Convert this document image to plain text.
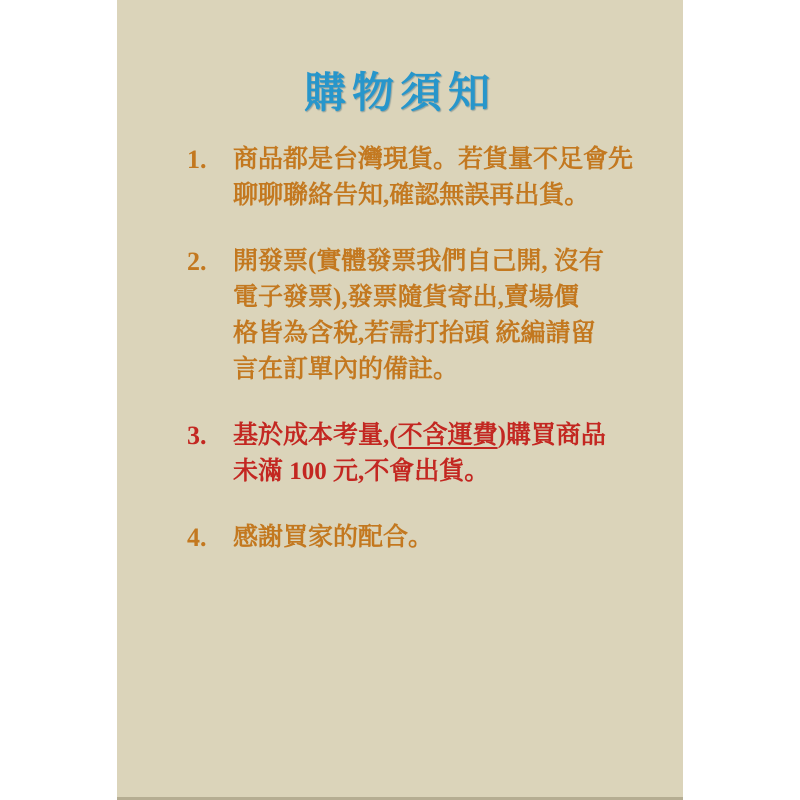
購物須知
1.	商品都是台灣現貨。若貨量不足會先
聊聊聯絡告知,確認無誤再出貨。
2.	開發票(實體發票我們自己開, 沒有
電子發票),發票隨貨寄出,賣場價
格皆為含稅,若需打抬頭 統編請留
言在訂單內的備註。
3.	基於成本考量,(不含運費)購買商品
未滿 100 元,不會出貨。
4.	感謝買家的配合。
